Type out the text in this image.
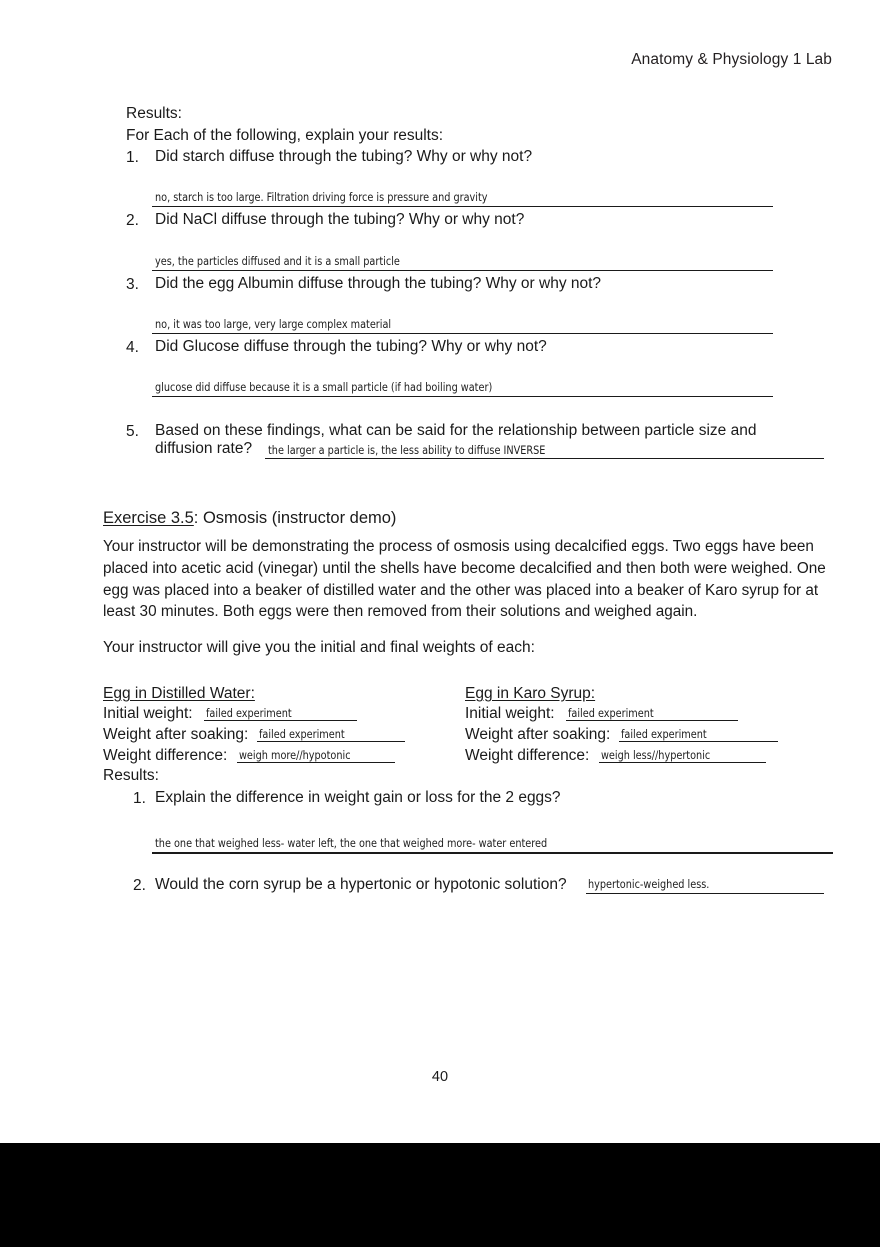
Anatomy & Physiology 1 Lab
Results:
For Each of the following, explain your results:
1. Did starch diffuse through the tubing? Why or why not?
no, starch is too large. Filtration driving force is pressure and gravity
2. Did NaCl diffuse through the tubing? Why or why not?
yes, the particles diffused and it is a small particle
3. Did the egg Albumin diffuse through the tubing? Why or why not?
no, it was too large, very large complex material
4. Did Glucose diffuse through the tubing? Why or why not?
glucose did diffuse because it is a small particle (if had boiling water)
5. Based on these findings, what can be said for the relationship between particle size and
diffusion rate? the larger a particle is, the less ability to diffuse INVERSE
Exercise 3.5: Osmosis (instructor demo)
Your instructor will be demonstrating the process of osmosis using decalcified eggs. Two eggs have been placed into acetic acid (vinegar) until the shells have become decalcified and then both were weighed. One egg was placed into a beaker of distilled water and the other was placed into a beaker of Karo syrup for at least 30 minutes. Both eggs were then removed from their solutions and weighed again.
Your instructor will give you the initial and final weights of each:
Egg in Distilled Water:
Initial weight: failed experiment
Weight after soaking: failed experiment
Weight difference: weigh more//hypotonic
Egg in Karo Syrup:
Initial weight: failed experiment
Weight after soaking: failed experiment
Weight difference: weigh less//hypertonic
Results:
1. Explain the difference in weight gain or loss for the 2 eggs?
the one that weighed less- water left, the one that weighed more- water entered
2. Would the corn syrup be a hypertonic or hypotonic solution? hypertonic-weighed less.
40
